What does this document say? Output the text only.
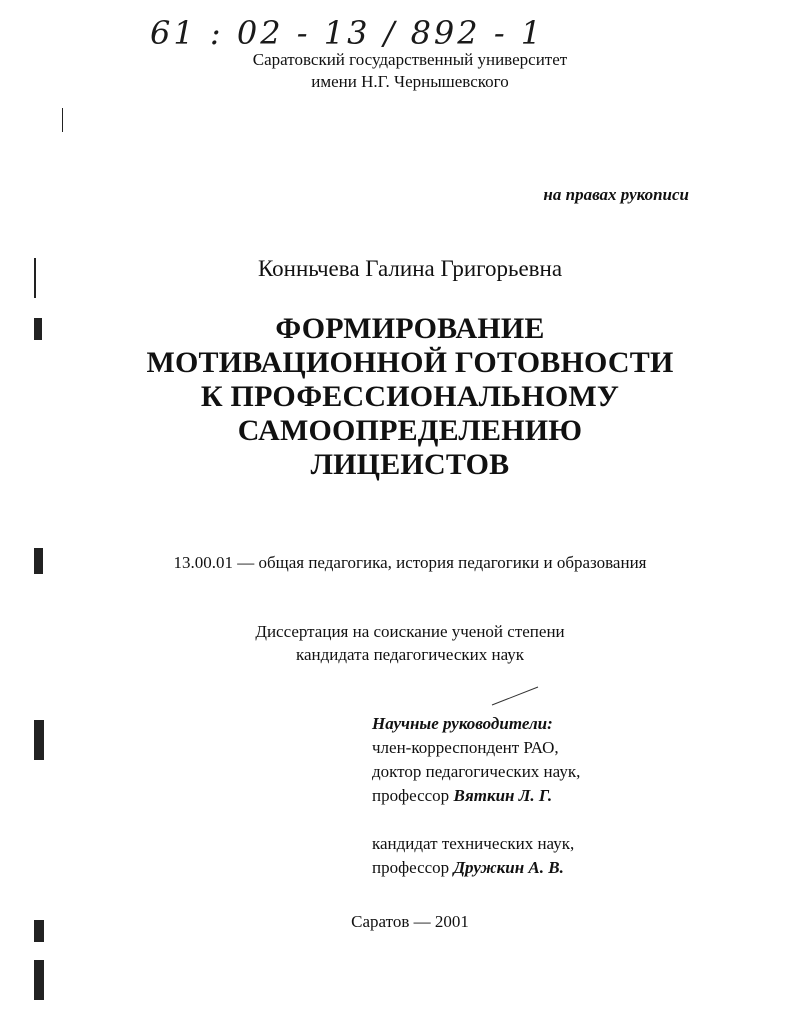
61 : 02 - 13 / 892 - 1
Саратовский государственный университет
имени Н.Г. Чернышевского
на правах рукописи
Конньчева Галина Григорьевна
ФОРМИРОВАНИЕ
МОТИВАЦИОННОЙ ГОТОВНОСТИ
К ПРОФЕССИОНАЛЬНОМУ
САМООПРЕДЕЛЕНИЮ
ЛИЦЕИСТОВ
13.00.01 — общая педагогика, история педагогики и образования
Диссертация на соискание ученой степени
кандидата педагогических наук
Научные руководители:
член-корреспондент РАО,
доктор педагогических наук,
профессор Вяткин Л. Г.
кандидат технических наук,
профессор Дружкин А. В.
Саратов — 2001
